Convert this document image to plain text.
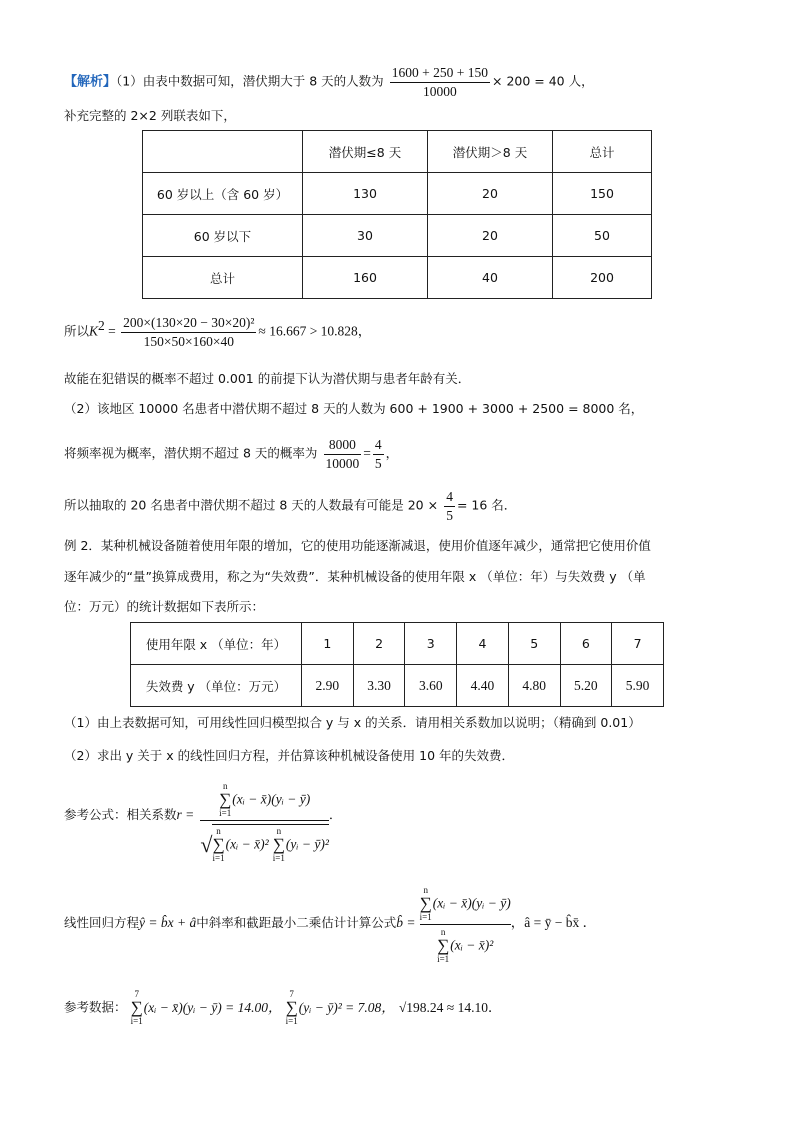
【解析】（1）由表中数据可知，潜伏期大于 8 天的人数为 $\frac{1600 + 250 + 150}{10000} \times 200 = 40$ 人，
补充完整的 2×2 列联表如下，
	潜伏期≤8 天	潜伏期＞8 天	总计
60 岁以上（含 60 岁）	130	20	150
60 岁以下	30	20	50
总计	160	40	200
所以$K^2 = \frac{\text{200×(130×20 − 30×20)²}}{150\times 50\times 160\times 40} \approx 16.667 > 10.828$，
故能在犯错误的概率不超过 0.001 的前提下认为潜伏期与患者年龄有关．
（2）该地区 10000 名患者中潜伏期不超过 8 天的人数为 600 + 1900 + 3000 + 2500 = 8000 名，
将频率视为概率，潜伏期不超过 8 天的概率为 $\frac{8000}{10000} = \frac{4}{5}$ ，
所以抽取的 20 名患者中潜伏期不超过 8 天的人数最有可能是 $20 \times \frac{4}{5} = 16$ 名．
例 2．某种机械设备随着使用年限的增加，它的使用功能逐渐减退，使用价值逐年减少，通常把它使用价值
逐年减少的“量”换算成费用，称之为“失效费”．某种机械设备的使用年限 x （单位：年）与失效费 y （单
位：万元）的统计数据如下表所示：
使用年限 x （单位：年）	1	2	3	4	5	6	7
失效费 y （单位：万元）	2.90	3.30	3.60	4.40	4.80	5.20	5.90
（1）由上表数据可知，可用线性回归模型拟合 y 与 x 的关系．请用相关系数加以说明；（精确到 0.01）
（2）求出 y 关于 x 的线性回归方程，并估算该种机械设备使用 10 年的失效费．
参考公式：相关系数r = n
∑
i=1(xᵢ − x̄)(yᵢ − ȳ)
√n
∑
i=1(xᵢ − x̄)² n
∑
i=1(yᵢ − ȳ)² ．
线性回归方程ŷ = b̂x + â中斜率和截距最小二乘估计计算公式b̂ = n
∑
i=1(xᵢ − x̄)(yᵢ − ȳ)
n
∑
i=1(xᵢ − x̄)² ，â = ȳ − b̂x̄ ．
参考数据： 7
∑
i=1(xᵢ − x̄)(yᵢ − ȳ) = 14.00， 7
∑
i=1(yᵢ − ȳ)² = 7.08， √198.24 ≈ 14.10．
